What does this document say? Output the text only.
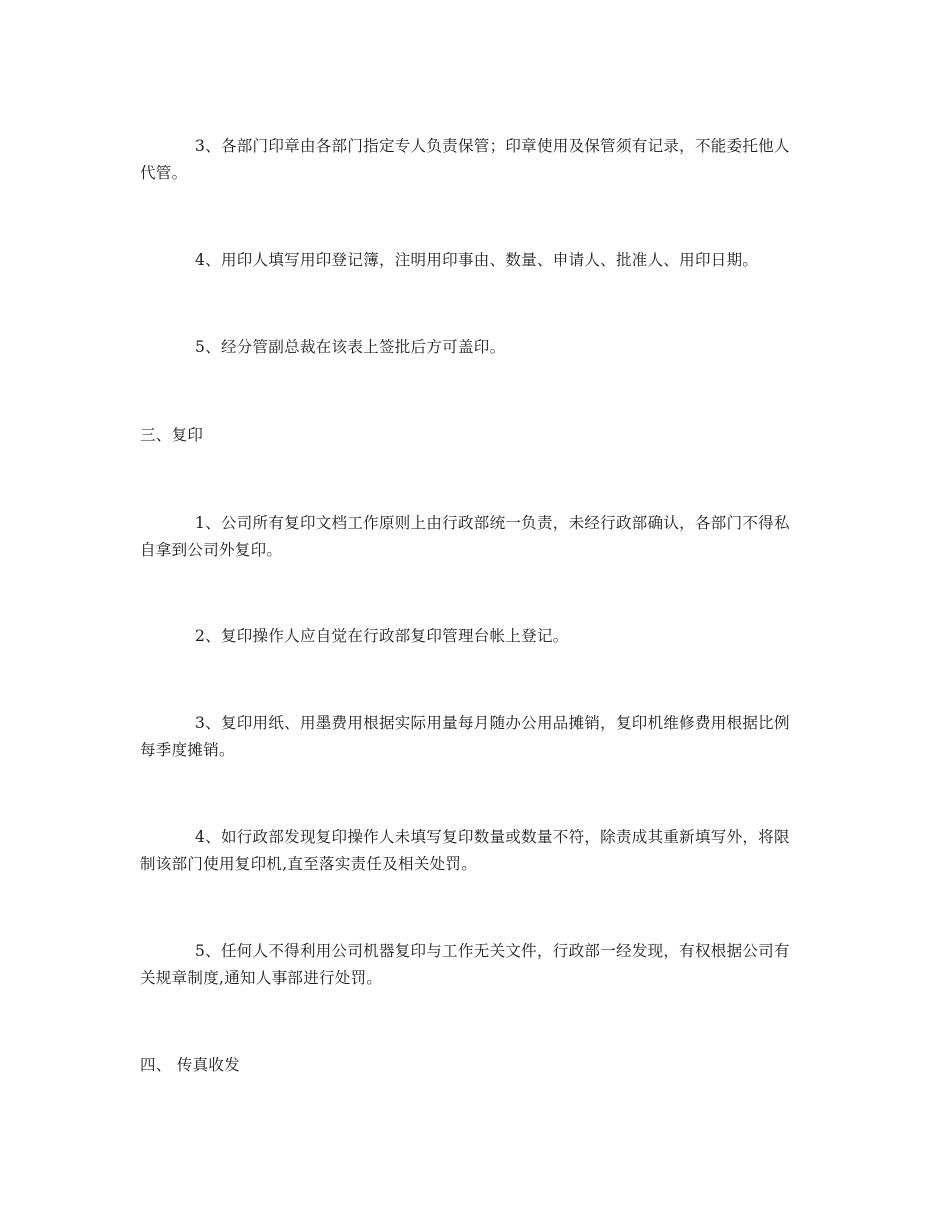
3、各部门印章由各部门指定专人负责保管；印章使用及保管须有记录，不能委托他人代管。

4、用印人填写用印登记簿，注明用印事由、数量、申请人、批准人、用印日期。

5、经分管副总裁在该表上签批后方可盖印。

三、复印

1、公司所有复印文档工作原则上由行政部统一负责，未经行政部确认，各部门不得私自拿到公司外复印。

2、复印操作人应自觉在行政部复印管理台帐上登记。

3、复印用纸、用墨费用根据实际用量每月随办公用品摊销，复印机维修费用根据比例每季度摊销。

4、如行政部发现复印操作人未填写复印数量或数量不符，除责成其重新填写外，将限制该部门使用复印机,直至落实责任及相关处罚。

5、任何人不得利用公司机器复印与工作无关文件，行政部一经发现，有权根据公司有关规章制度,通知人事部进行处罚。

四、 传真收发
